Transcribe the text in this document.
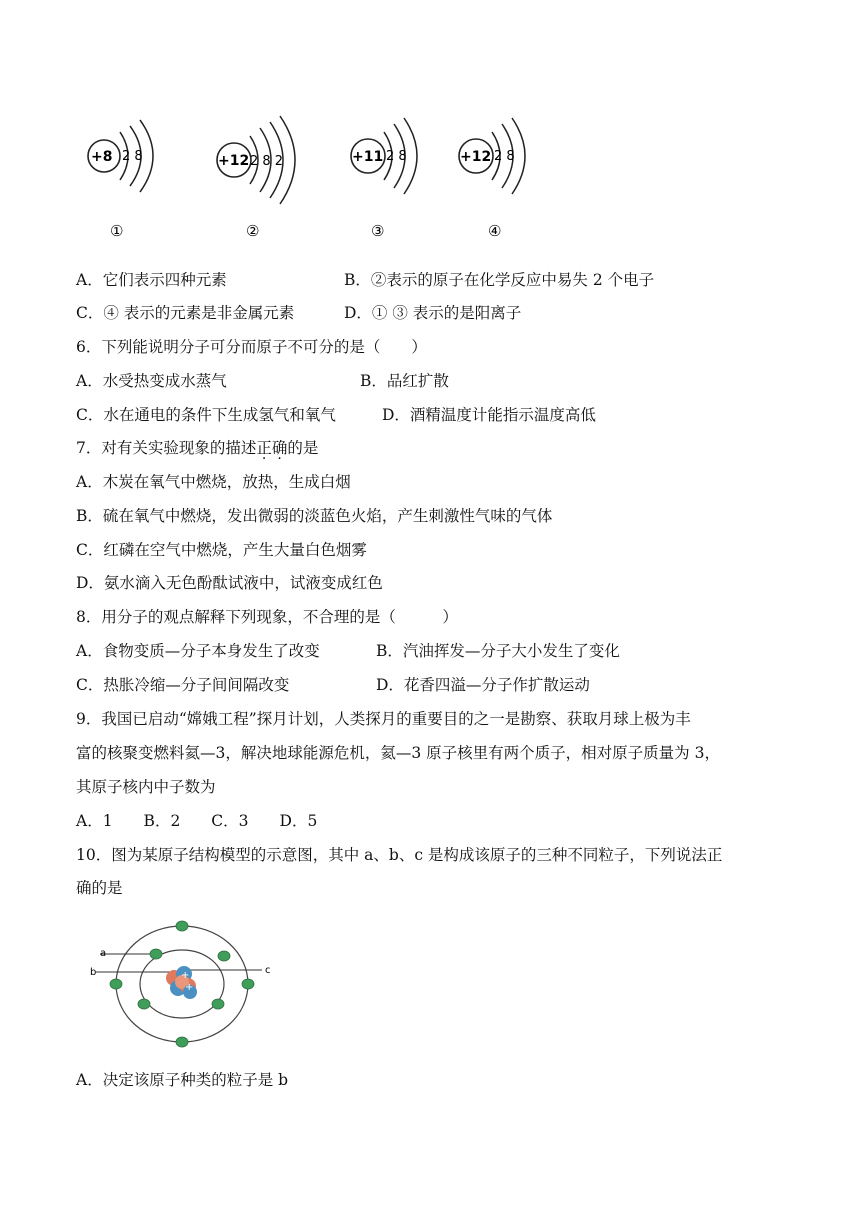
+8 2 8
①
+12 2 8 2
②
+11 2 8
③
+12 2 8
④
A．它们表示四种元素	B．②表示的原子在化学反应中易失 2 个电子
C．④ 表示的元素是非金属元素	D．① ③ 表示的是阳离子
6．下列能说明分子可分而原子不可分的是（　　）
A．水受热变成水蒸气	B．品红扩散
C．水在通电的条件下生成氢气和氧气	D．酒精温度计能指示温度高低
7．对有关实验现象的描述正确的是
A．木炭在氧气中燃烧，放热，生成白烟
B．硫在氧气中燃烧，发出微弱的淡蓝色火焰，产生刺激性气味的气体
C．红磷在空气中燃烧，产生大量白色烟雾
D．氨水滴入无色酚酞试液中，试液变成红色
8．用分子的观点解释下列现象，不合理的是（　　　）
A．食物变质—分子本身发生了改变	B．汽油挥发—分子大小发生了变化
C．热胀冷缩—分子间间隔改变	D．花香四溢—分子作扩散运动
9．我国已启动“嫦娥工程”探月计划，人类探月的重要目的之一是勘察、获取月球上极为丰
富的核聚变燃料氦—3，解决地球能源危机，氦—3 原子核里有两个质子，相对原子质量为 3，
其原子核内中子数为
A．1　　B．2　　C．3　　D．5
10．图为某原子结构模型的示意图，其中 a、b、c 是构成该原子的三种不同粒子，下列说法正
确的是
a
b	c
+
+
A．决定该原子种类的粒子是 b
